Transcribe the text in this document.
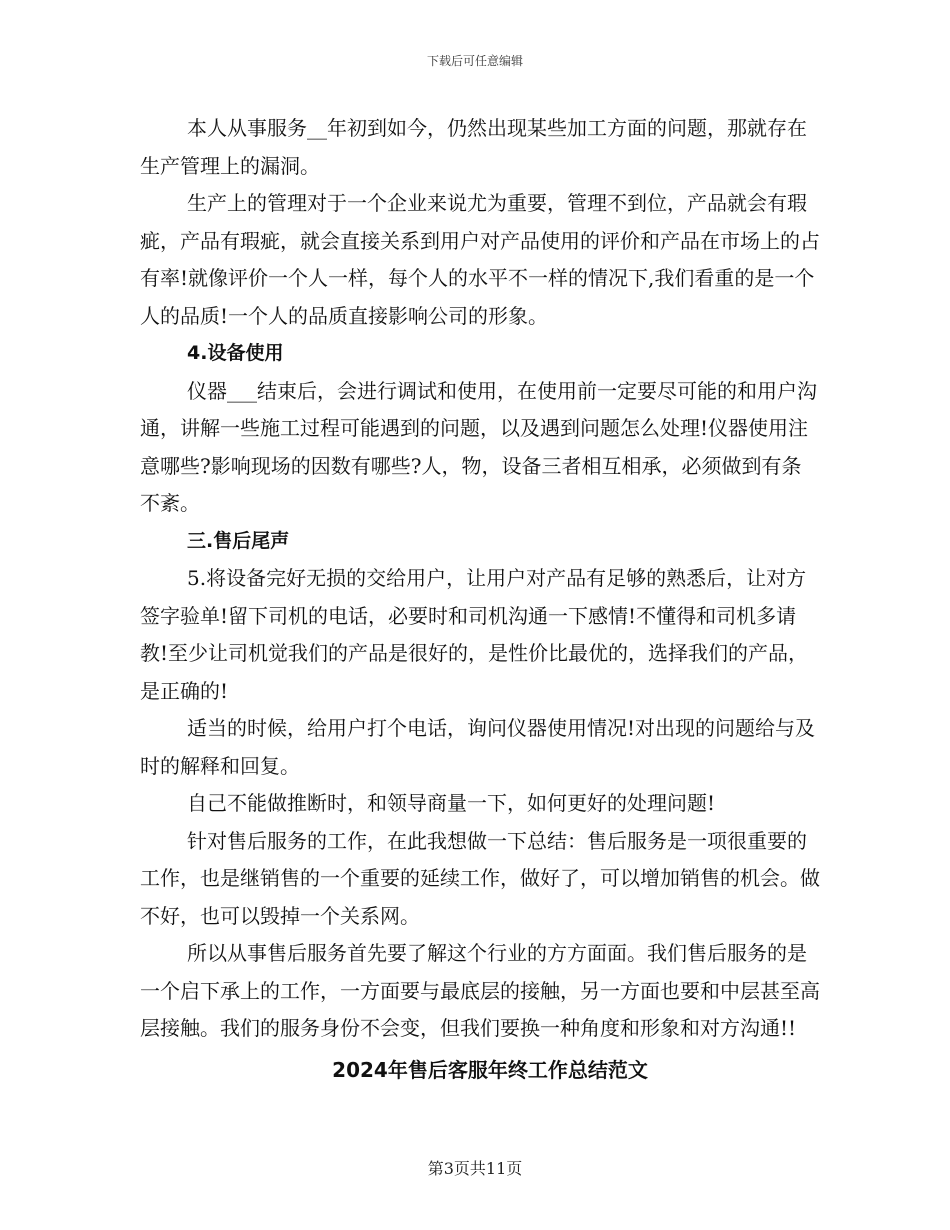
下载后可任意编辑

本人从事服务__年初到如今，仍然出现某些加工方面的问题，那就存在生产管理上的漏洞。

生产上的管理对于一个企业来说尤为重要，管理不到位，产品就会有瑕疵，产品有瑕疵，就会直接关系到用户对产品使用的评价和产品在市场上的占有率!就像评价一个人一样，每个人的水平不一样的情况下,我们看重的是一个人的品质!一个人的品质直接影响公司的形象。

4.设备使用

仪器___结束后，会进行调试和使用，在使用前一定要尽可能的和用户沟通，讲解一些施工过程可能遇到的问题，以及遇到问题怎么处理!仪器使用注意哪些?影响现场的因数有哪些?人，物，设备三者相互相承，必须做到有条不紊。

三.售后尾声

5.将设备完好无损的交给用户，让用户对产品有足够的熟悉后，让对方签字验单!留下司机的电话，必要时和司机沟通一下感情!不懂得和司机多请教!至少让司机觉我们的产品是很好的，是性价比最优的，选择我们的产品，是正确的!

适当的时候，给用户打个电话，询问仪器使用情况!对出现的问题给与及时的解释和回复。

自己不能做推断时，和领导商量一下，如何更好的处理问题!

针对售后服务的工作，在此我想做一下总结：售后服务是一项很重要的工作，也是继销售的一个重要的延续工作，做好了，可以增加销售的机会。做不好，也可以毁掉一个关系网。

所以从事售后服务首先要了解这个行业的方方面面。我们售后服务的是一个启下承上的工作，一方面要与最底层的接触，另一方面也要和中层甚至高层接触。我们的服务身份不会变，但我们要换一种角度和形象和对方沟通!!

2024年售后客服年终工作总结范文

第3页共11页
